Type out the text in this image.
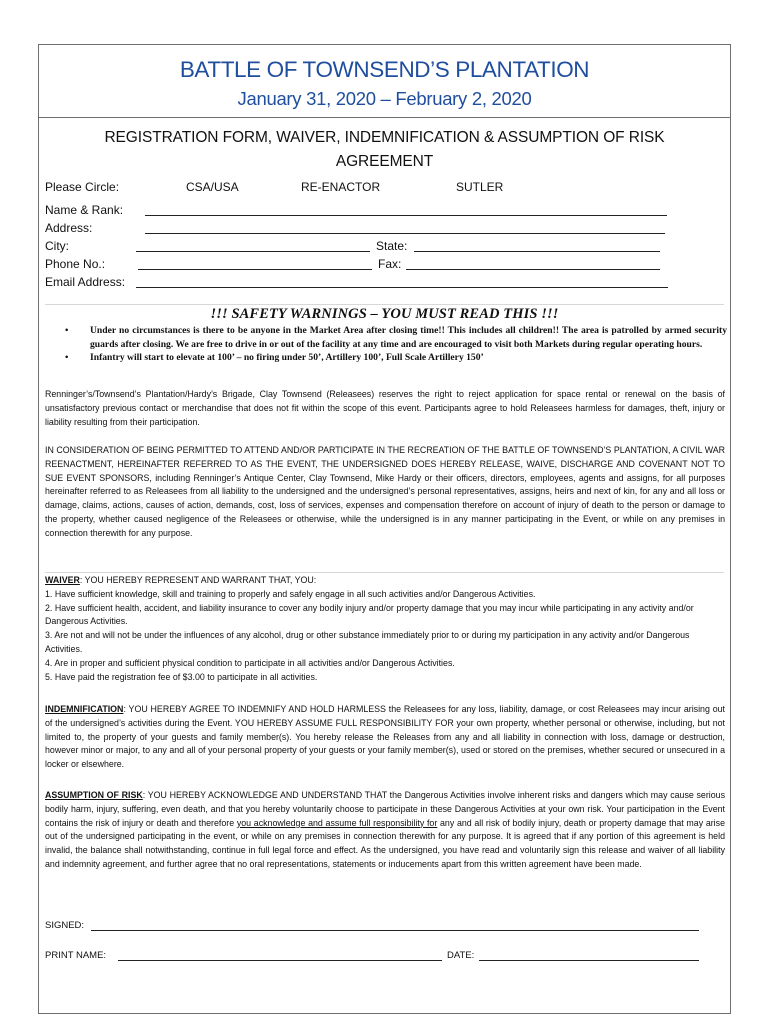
BATTLE OF TOWNSEND’S PLANTATION
January 31, 2020 – February 2, 2020
REGISTRATION FORM, WAIVER, INDEMNIFICATION & ASSUMPTION OF RISK
AGREEMENT
Please Circle:	CSA/USA	RE-ENACTOR	SUTLER
Name & Rank:
Address:
City:	State:
Phone No.:	Fax:
Email Address:
!!! SAFETY WARNINGS – YOU MUST READ THIS !!!
• Under no circumstances is there to be anyone in the Market Area after closing time!! This includes all children!! The area is patrolled by armed security guards after closing. We are free to drive in or out of the facility at any time and are encouraged to visit both Markets during regular operating hours.
• Infantry will start to elevate at 100’ – no firing under 50’, Artillery 100’, Full Scale Artillery 150’
Renninger’s/Townsend’s Plantation/Hardy’s Brigade, Clay Townsend (Releasees) reserves the right to reject application for space rental or renewal on the basis of unsatisfactory previous contact or merchandise that does not fit within the scope of this event. Participants agree to hold Releasees harmless for damages, theft, injury or liability resulting from their participation.
IN CONSIDERATION OF BEING PERMITTED TO ATTEND AND/OR PARTICIPATE IN THE RECREATION OF THE BATTLE OF TOWNSEND’S PLANTATION, A CIVIL WAR REENACTMENT, HEREINAFTER REFERRED TO AS THE EVENT, THE UNDERSIGNED DOES HEREBY RELEASE, WAIVE, DISCHARGE AND COVENANT NOT TO SUE EVENT SPONSORS, including Renninger’s Antique Center, Clay Townsend, Mike Hardy or their officers, directors, employees, agents and assigns, for all purposes hereinafter referred to as Releasees from all liability to the undersigned and the undersigned’s personal representatives, assigns, heirs and next of kin, for any and all loss or damage, claims, actions, causes of action, demands, cost, loss of services, expenses and compensation therefore on account of injury of death to the person or damage to the property, whether caused negligence of the Releasees or otherwise, while the undersigned is in any manner participating in the Event, or while on any premises in connection therewith for any purpose.
WAIVER: YOU HEREBY REPRESENT AND WARRANT THAT, YOU:
1. Have sufficient knowledge, skill and training to properly and safely engage in all such activities and/or Dangerous Activities.
2. Have sufficient health, accident, and liability insurance to cover any bodily injury and/or property damage that you may incur while participating in any activity and/or Dangerous Activities.
3. Are not and will not be under the influences of any alcohol, drug or other substance immediately prior to or during my participation in any activity and/or Dangerous Activities.
4. Are in proper and sufficient physical condition to participate in all activities and/or Dangerous Activities.
5. Have paid the registration fee of $3.00 to participate in all activities.
INDEMNIFICATION: YOU HEREBY AGREE TO INDEMNIFY AND HOLD HARMLESS the Releasees for any loss, liability, damage, or cost Releasees may incur arising out of the undersigned’s activities during the Event. YOU HEREBY ASSUME FULL RESPONSIBILITY FOR your own property, whether personal or otherwise, including, but not limited to, the property of your guests and family member(s). You hereby release the Releases from any and all liability in connection with loss, damage or destruction, however minor or major, to any and all of your personal property of your guests or your family member(s), used or stored on the premises, whether secured or unsecured in a locker or elsewhere.
ASSUMPTION OF RISK: YOU HEREBY ACKNOWLEDGE AND UNDERSTAND THAT the Dangerous Activities involve inherent risks and dangers which may cause serious bodily harm, injury, suffering, even death, and that you hereby voluntarily choose to participate in these Dangerous Activities at your own risk. Your participation in the Event contains the risk of injury or death and therefore you acknowledge and assume full responsibility for any and all risk of bodily injury, death or property damage that may arise out of the undersigned participating in the event, or while on any premises in connection therewith for any purpose. It is agreed that if any portion of this agreement is held invalid, the balance shall notwithstanding, continue in full legal force and effect. As the undersigned, you have read and voluntarily sign this release and waiver of all liability and indemnity agreement, and further agree that no oral representations, statements or inducements apart from this written agreement have been made.
SIGNED:
PRINT NAME:	DATE:
